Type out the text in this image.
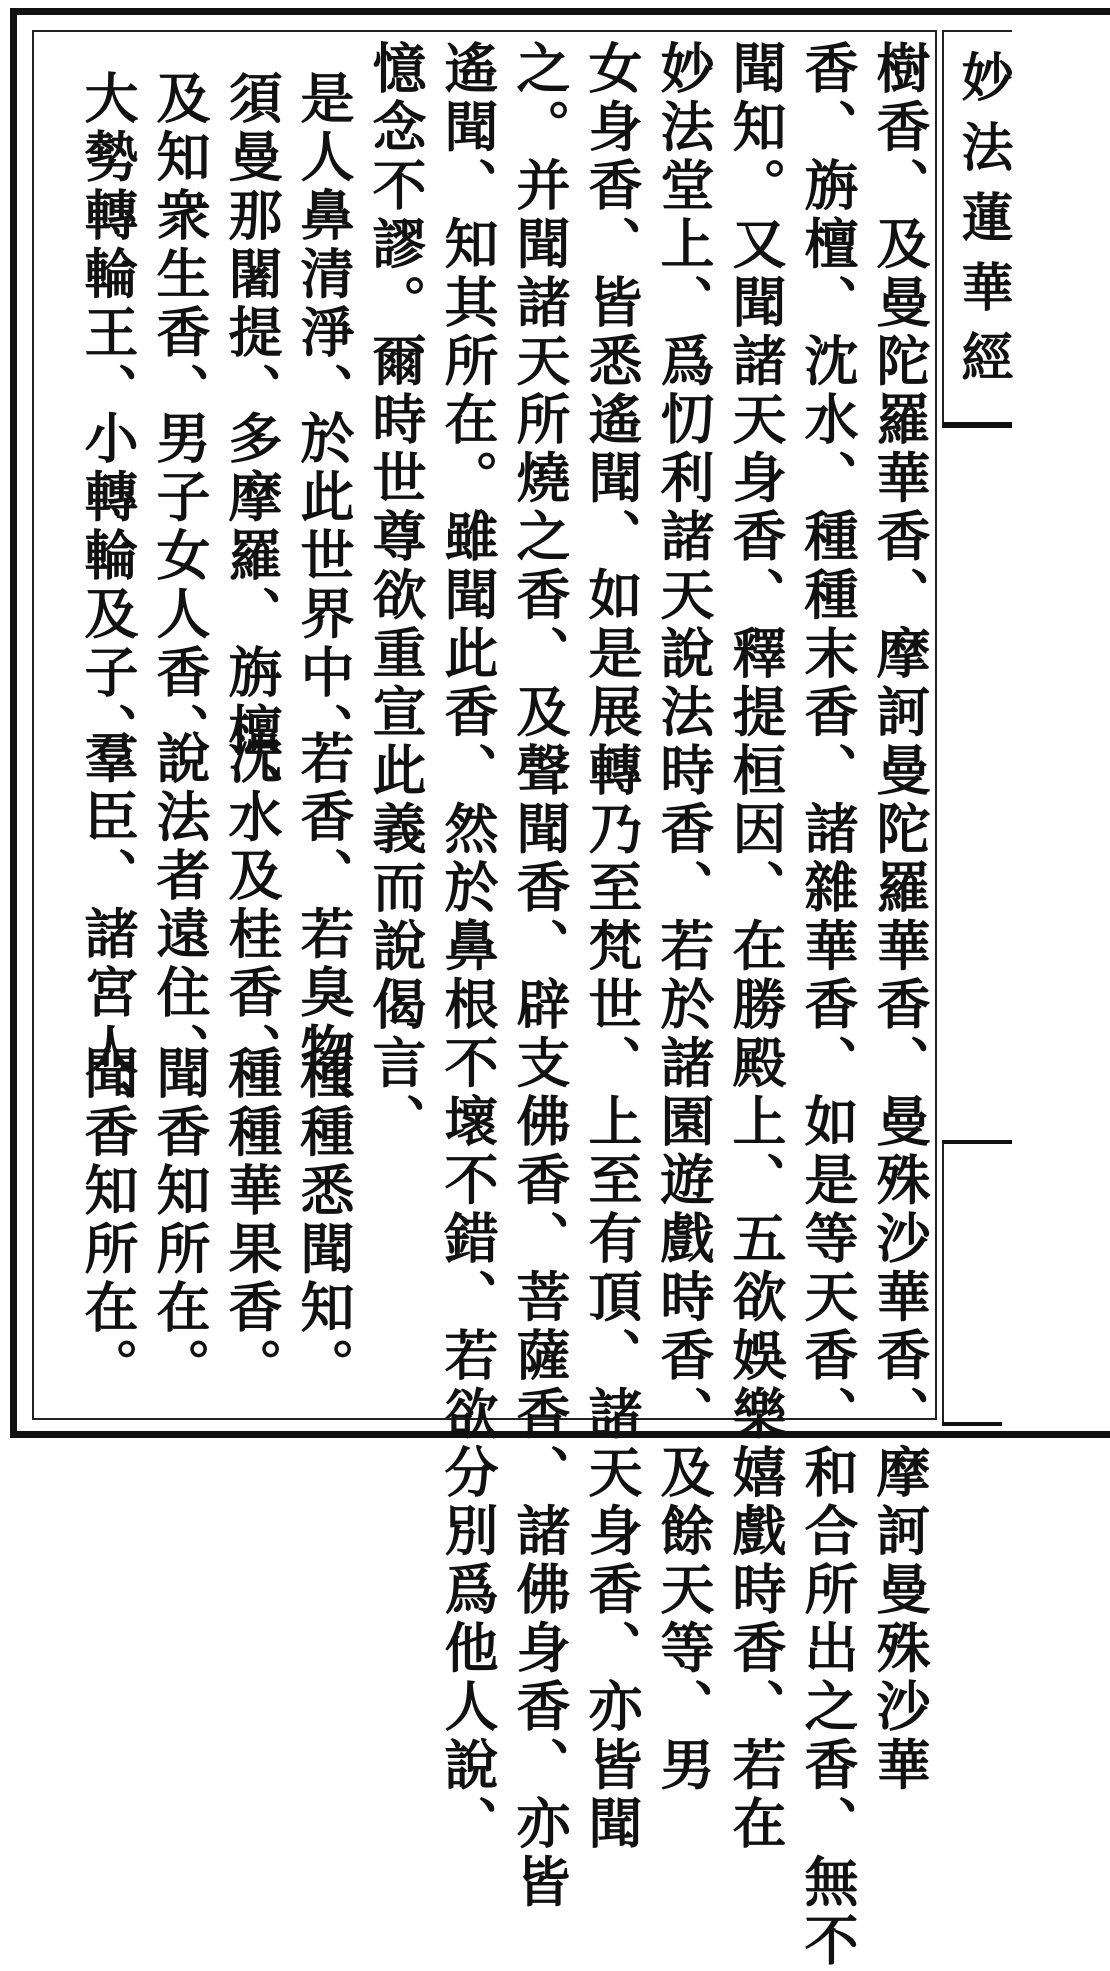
妙法蓮華經
樹香、及曼陀羅華香、摩訶曼陀羅華香、曼殊沙華香、摩訶曼殊沙華
香、旃檀、沈水、種種末香、諸雜華香、如是等天香、和合所出之香、無不
聞知。又聞諸天身香、釋提桓因、在勝殿上、五欲娛樂嬉戲時香、若在
妙法堂上、爲忉利諸天說法時香、若於諸園遊戲時香、及餘天等、男
女身香、皆悉遙聞、如是展轉乃至梵世、上至有頂、諸天身香、亦皆聞
之。并聞諸天所燒之香、及聲聞香、辟支佛香、菩薩香、諸佛身香、亦皆
遙聞、知其所在。雖聞此香、然於鼻根不壞不錯、若欲分別爲他人說、
憶念不謬。爾時世尊欲重宣此義而說偈言、
是人鼻清淨、
於此世界中、
若香、若臭物、
種種悉聞知。
須曼那闍提、
多摩羅、旃檀、
沈水及桂香、
種種華果香。
及知衆生香、
男子女人香、
說法者遠住、
聞香知所在。
大勢轉輪王、
小轉輪及子、
羣臣、諸宮人、
聞香知所在。
